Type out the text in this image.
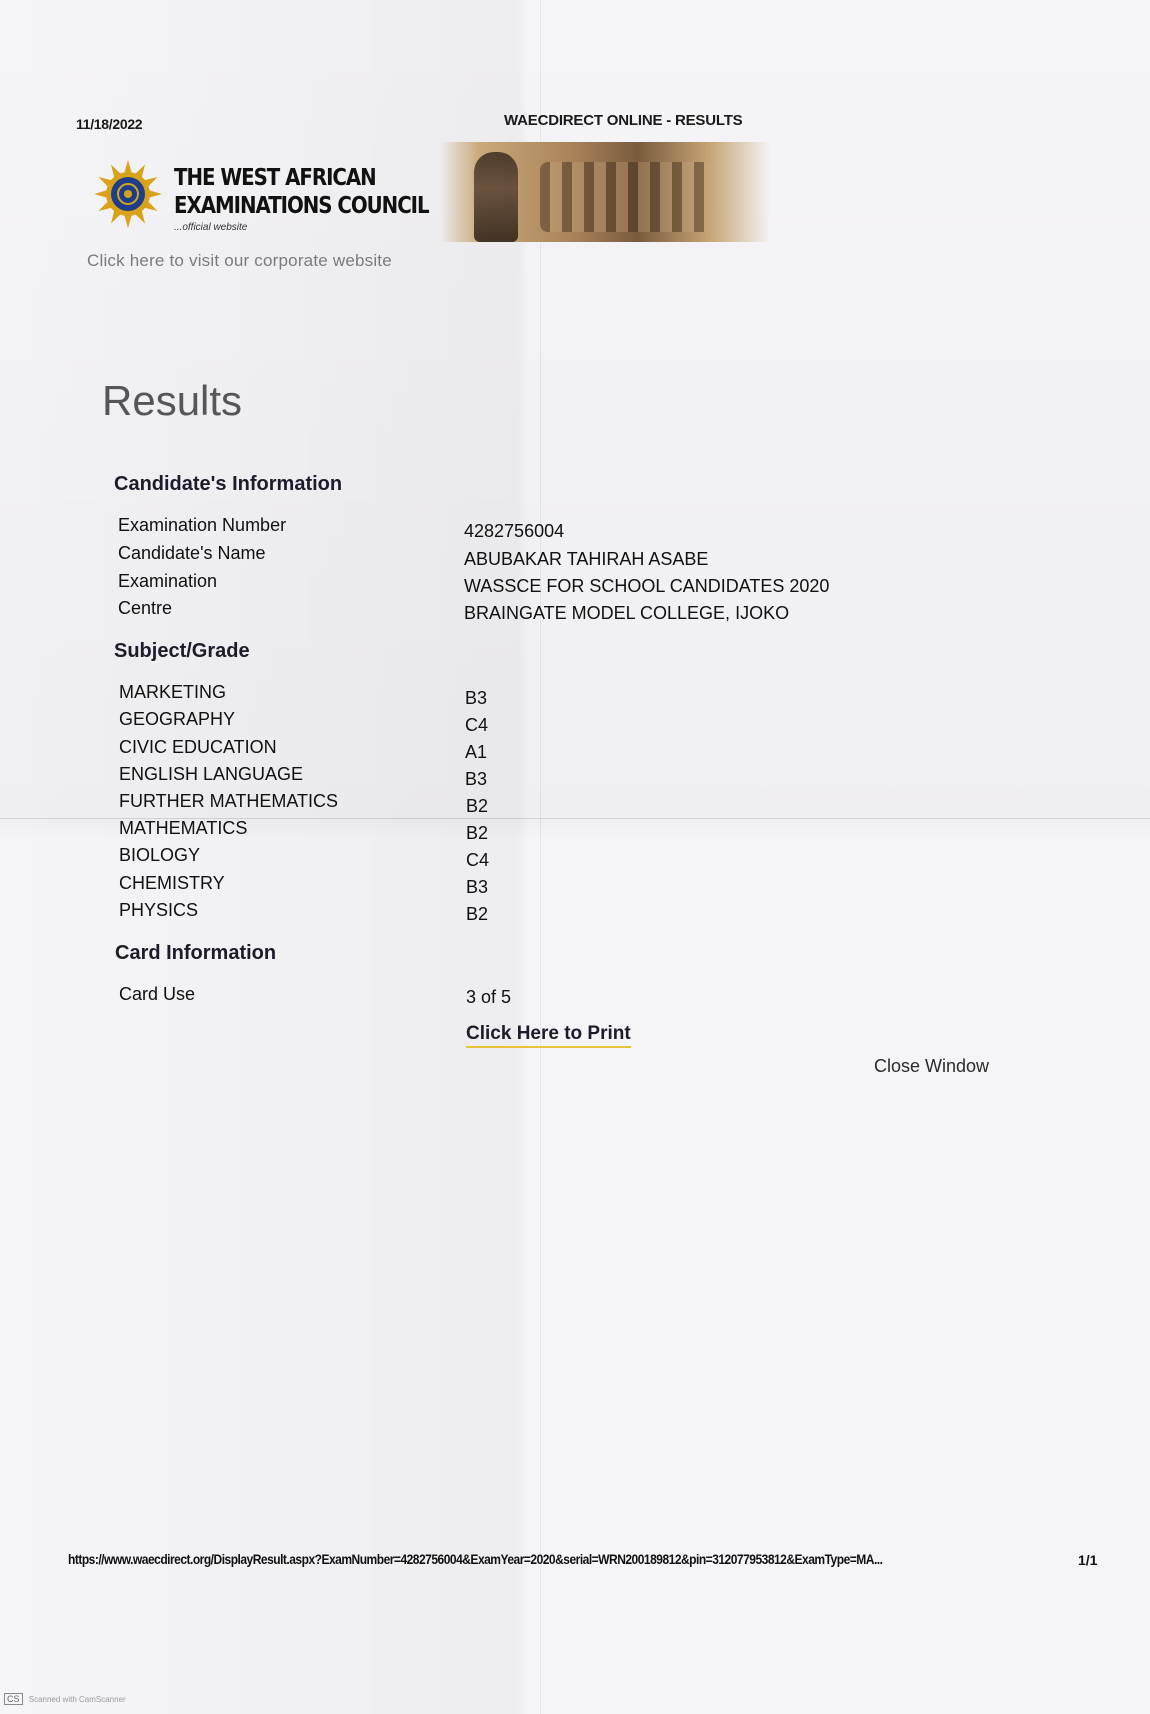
11/18/2022	WAECDIRECT ONLINE - RESULTS
THE WEST AFRICAN
EXAMINATIONS COUNCIL
...official website
Click here to visit our corporate website
Results
Candidate's Information
Examination Number	4282756004
Candidate's Name	ABUBAKAR TAHIRAH ASABE
Examination	WASSCE FOR SCHOOL CANDIDATES 2020
Centre	BRAINGATE MODEL COLLEGE, IJOKO
Subject/Grade
MARKETING	B3
GEOGRAPHY	C4
CIVIC EDUCATION	A1
ENGLISH LANGUAGE	B3
FURTHER MATHEMATICS	B2
MATHEMATICS	B2
BIOLOGY	C4
CHEMISTRY	B3
PHYSICS	B2
Card Information
Card Use	3 of 5
Click Here to Print
Close Window
https://www.waecdirect.org/DisplayResult.aspx?ExamNumber=4282756004&ExamYear=2020&serial=WRN200189812&pin=312077953812&ExamType=MA...	1/1
CS Scanned with CamScanner
